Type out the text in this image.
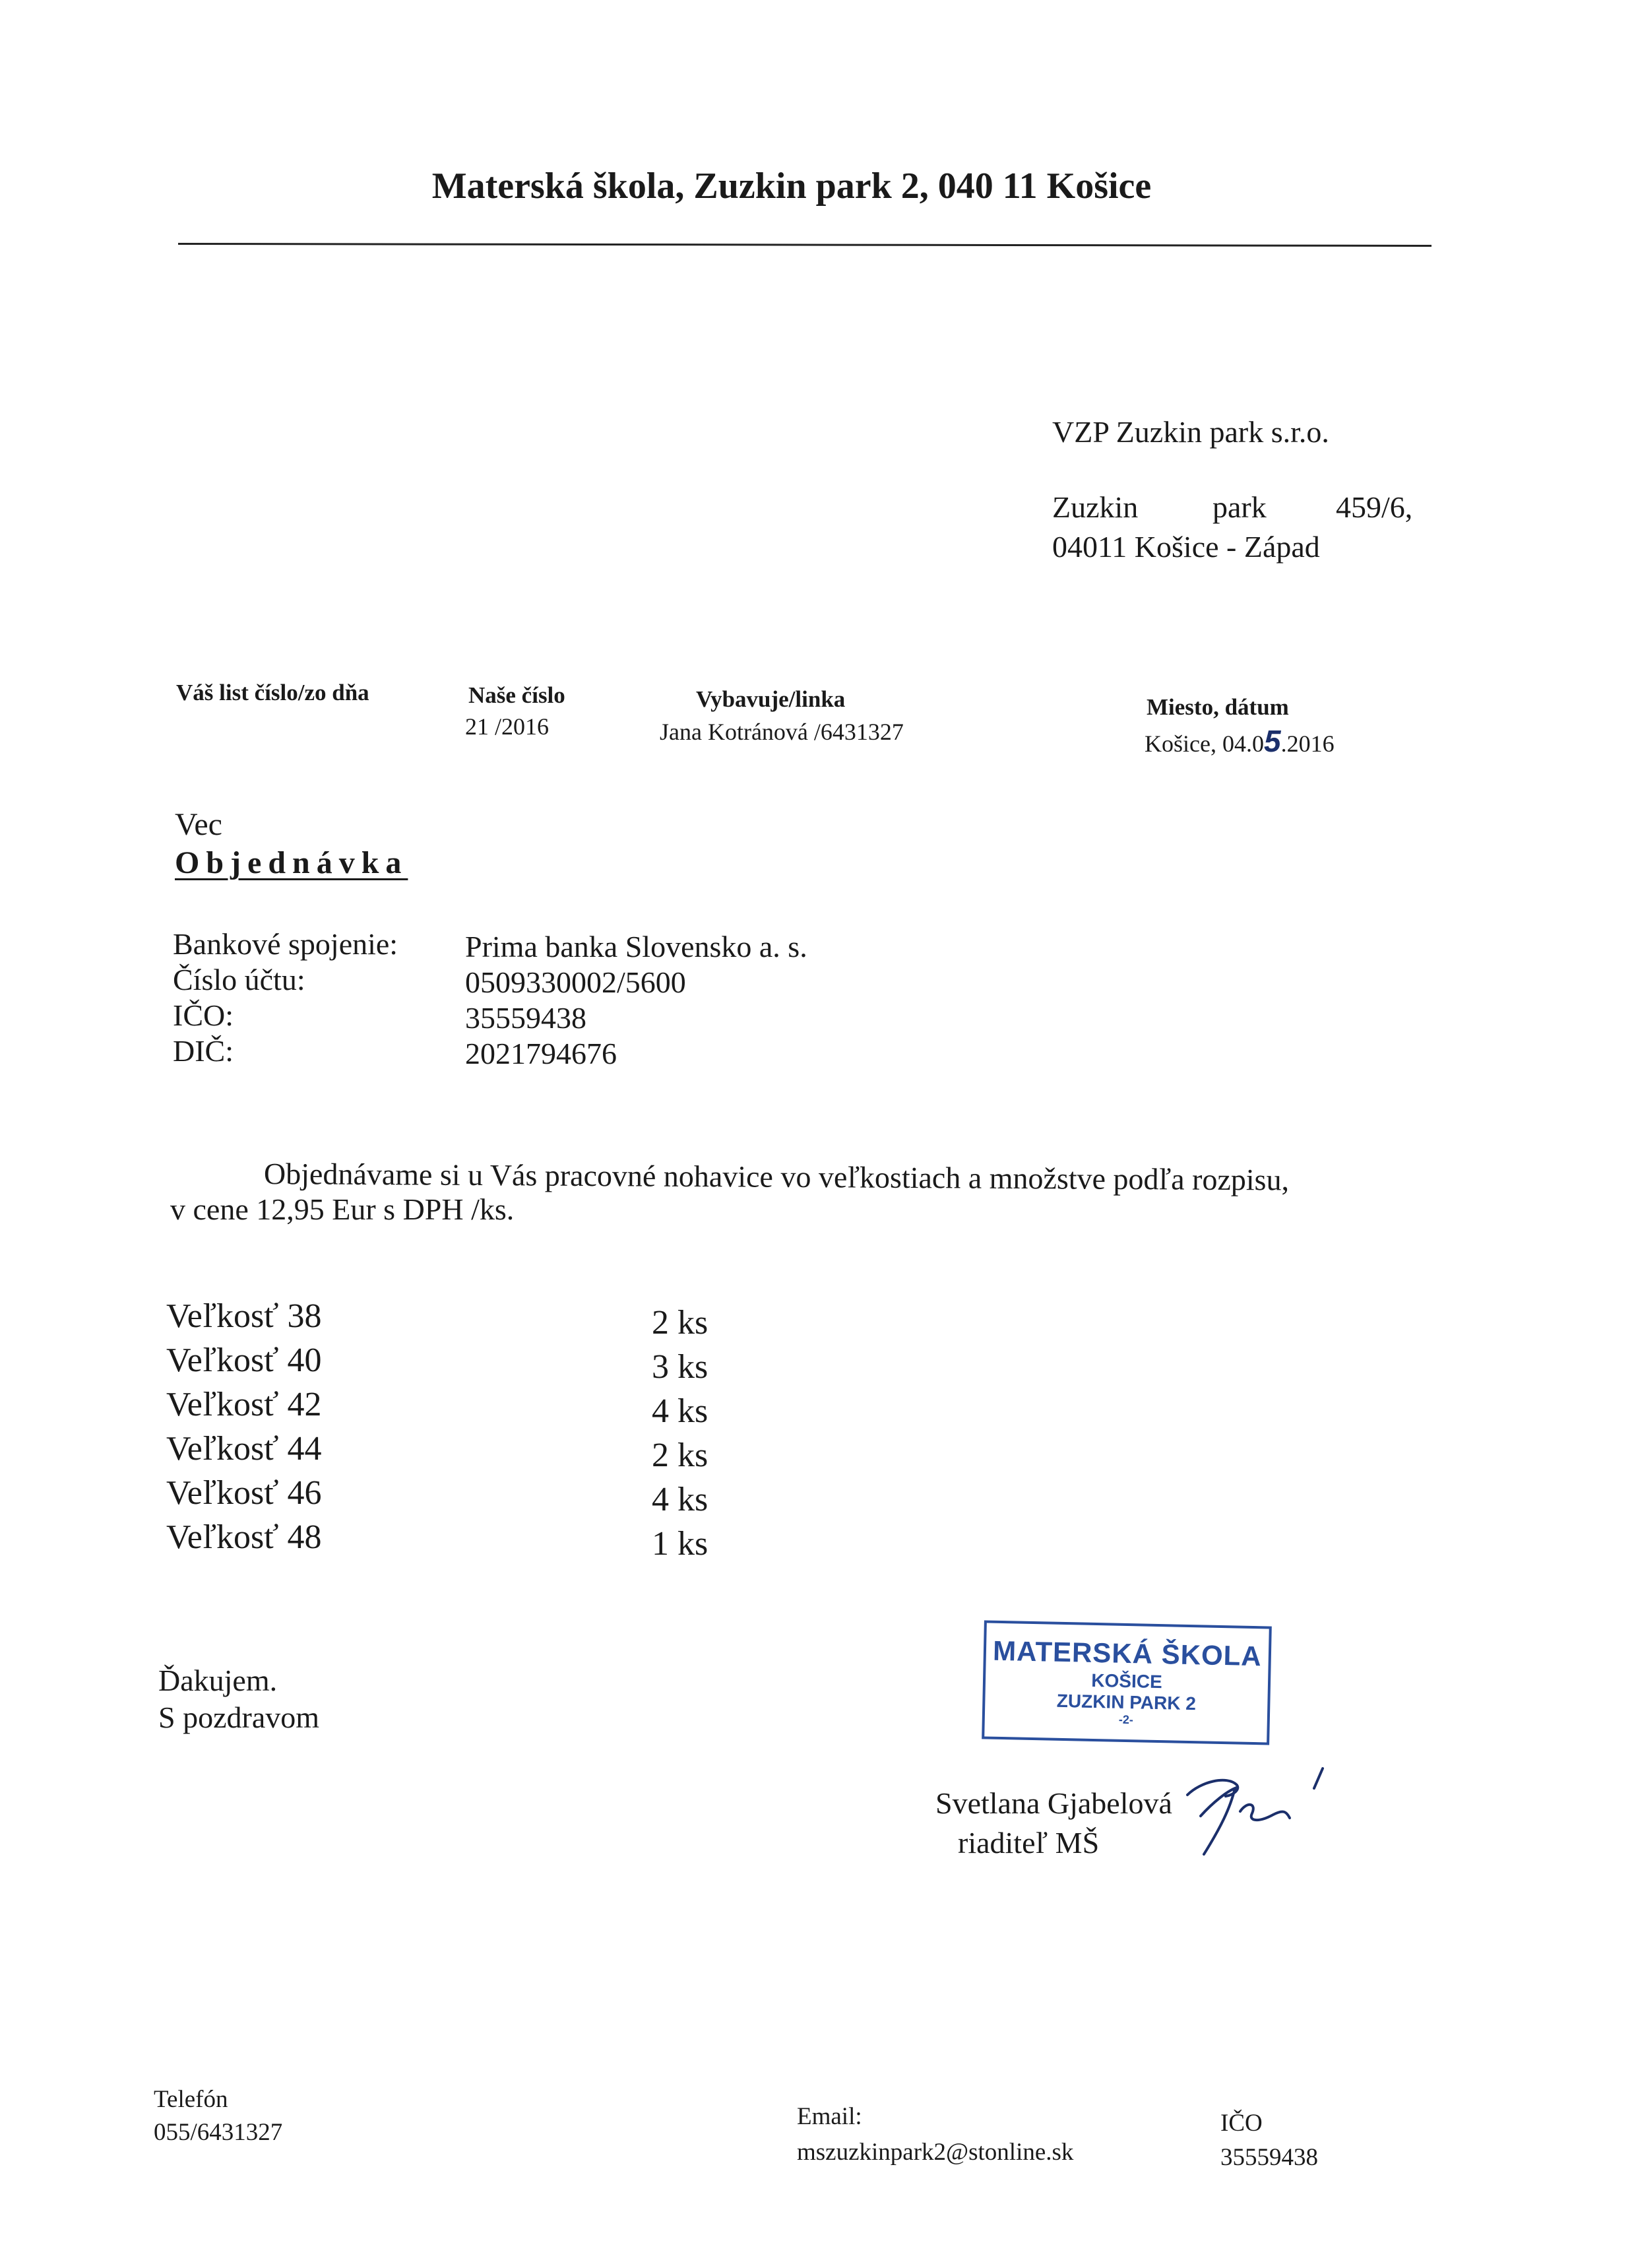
Materská škola, Zuzkin park 2, 040 11 Košice
VZP Zuzkin park s.r.o.
Zuzkin park 459/6,
04011 Košice - Západ
Váš list číslo/zo dňa	Naše číslo
21 /2016
Vybavuje/linka
Jana Kotránová /6431327
Miesto, dátum
Košice, 04.05.2016
Vec
Objednávka
Bankové spojenie: Prima banka Slovensko a. s.
Číslo účtu:	0509330002/5600
IČO:	35559438
DIČ:	2021794676
Objednávame si u Vás pracovné nohavice vo veľkostiach a množstve podľa rozpisu,
v cene 12,95 Eur s DPH /ks.
Veľkosť 38	2 ks
Veľkosť 40	3 ks
Veľkosť 42	4 ks
Veľkosť 44	2 ks
Veľkosť 46	4 ks
Veľkosť 48	1 ks
Ďakujem.
S pozdravom
MATERSKÁ ŠKOLA
KOŠICE
ZUZKIN PARK 2
-2-
Svetlana Gjabelová
riaditeľ MŠ
Telefón
055/6431327
Email:
mszuzkinpark2@stonline.sk
IČO
35559438
